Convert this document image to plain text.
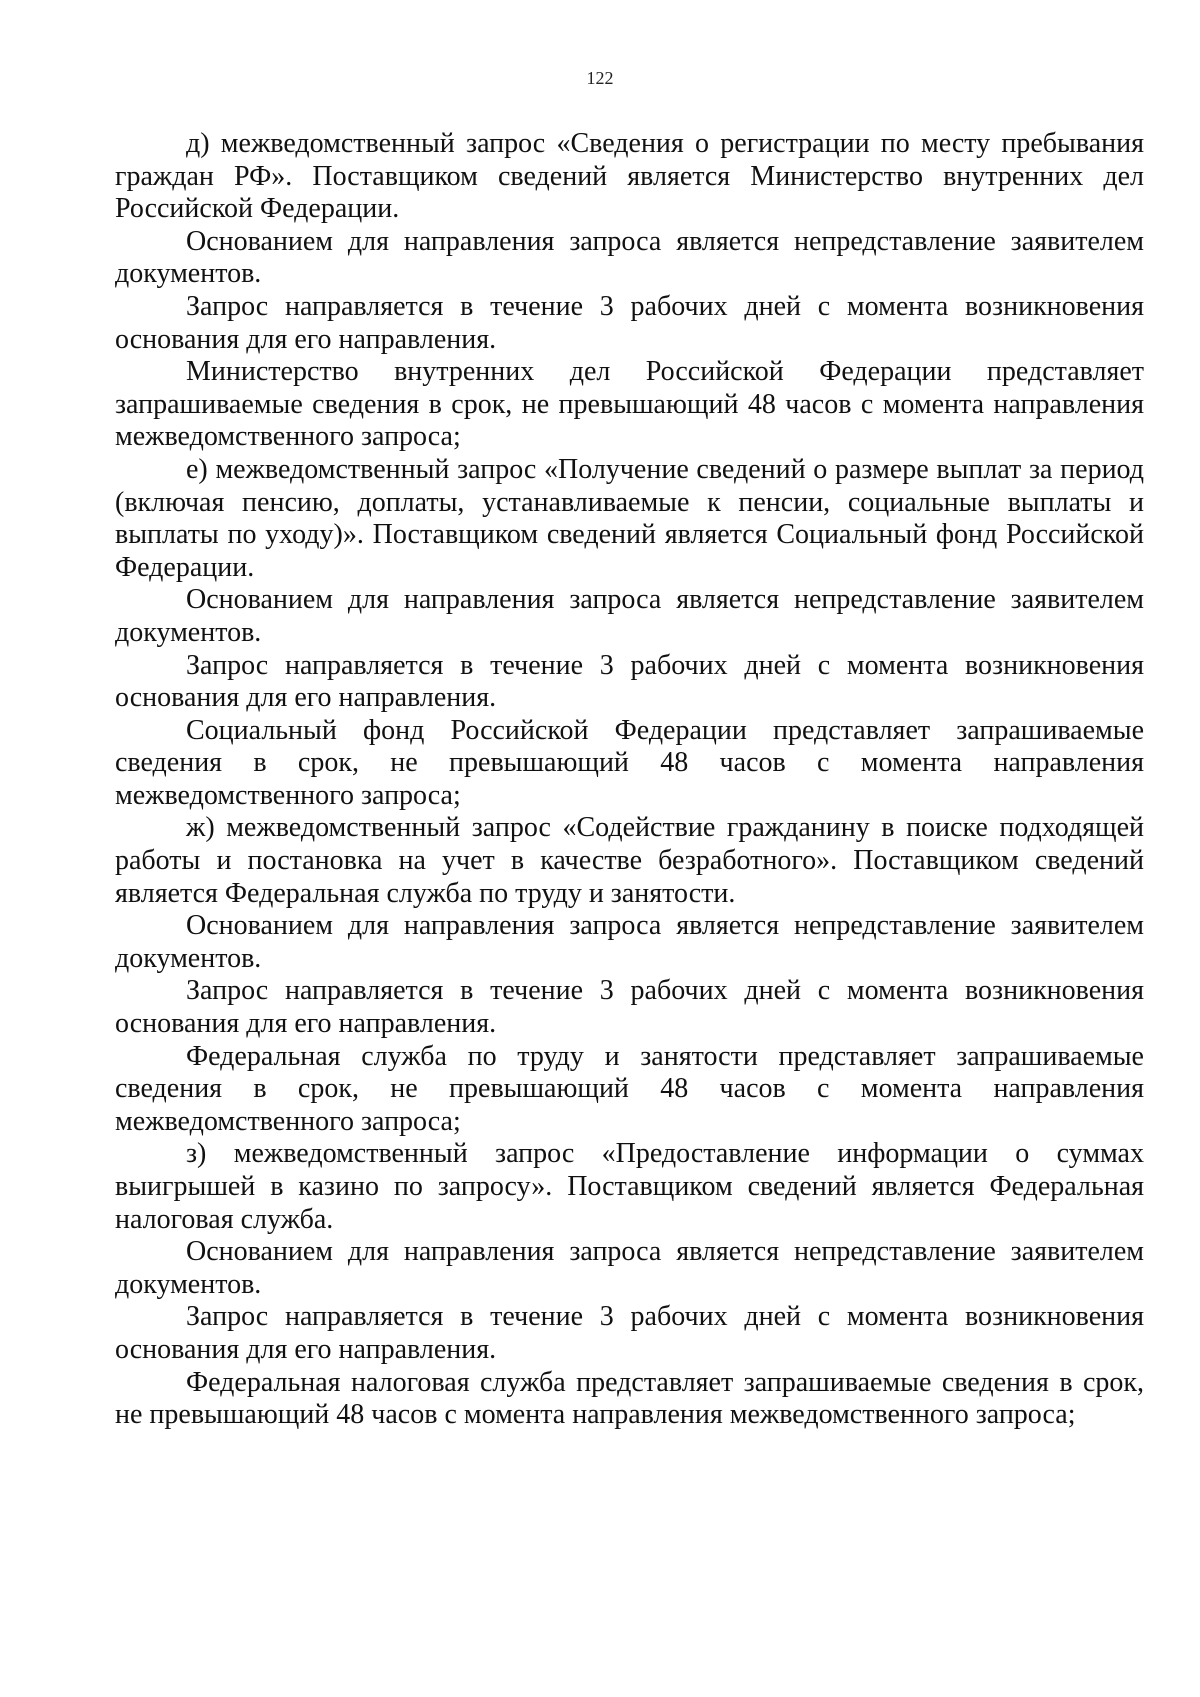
122

д) межведомственный запрос «Сведения о регистрации по месту пребывания граждан РФ». Поставщиком сведений является Министерство внутренних дел Российской Федерации.

Основанием для направления запроса является непредставление заявителем документов.

Запрос направляется в течение 3 рабочих дней с момента возникновения основания для его направления.

Министерство внутренних дел Российской Федерации представляет запрашиваемые сведения в срок, не превышающий 48 часов с момента направления межведомственного запроса;

е) межведомственный запрос «Получение сведений о размере выплат за период (включая пенсию, доплаты, устанавливаемые к пенсии, социальные выплаты и выплаты по уходу)». Поставщиком сведений является Социальный фонд Российской Федерации.

Основанием для направления запроса является непредставление заявителем документов.

Запрос направляется в течение 3 рабочих дней с момента возникновения основания для его направления.

Социальный фонд Российской Федерации представляет запрашиваемые сведения в срок, не превышающий 48 часов с момента направления межведомственного запроса;

ж) межведомственный запрос «Содействие гражданину в поиске подходящей работы и постановка на учет в качестве безработного». Поставщиком сведений является Федеральная служба по труду и занятости.

Основанием для направления запроса является непредставление заявителем документов.

Запрос направляется в течение 3 рабочих дней с момента возникновения основания для его направления.

Федеральная служба по труду и занятости представляет запрашиваемые сведения в срок, не превышающий 48 часов с момента направления межведомственного запроса;

з) межведомственный запрос «Предоставление информации о суммах выигрышей в казино по запросу». Поставщиком сведений является Федеральная налоговая служба.

Основанием для направления запроса является непредставление заявителем документов.

Запрос направляется в течение 3 рабочих дней с момента возникновения основания для его направления.

Федеральная налоговая служба представляет запрашиваемые сведения в срок, не превышающий 48 часов с момента направления межведомственного запроса;
